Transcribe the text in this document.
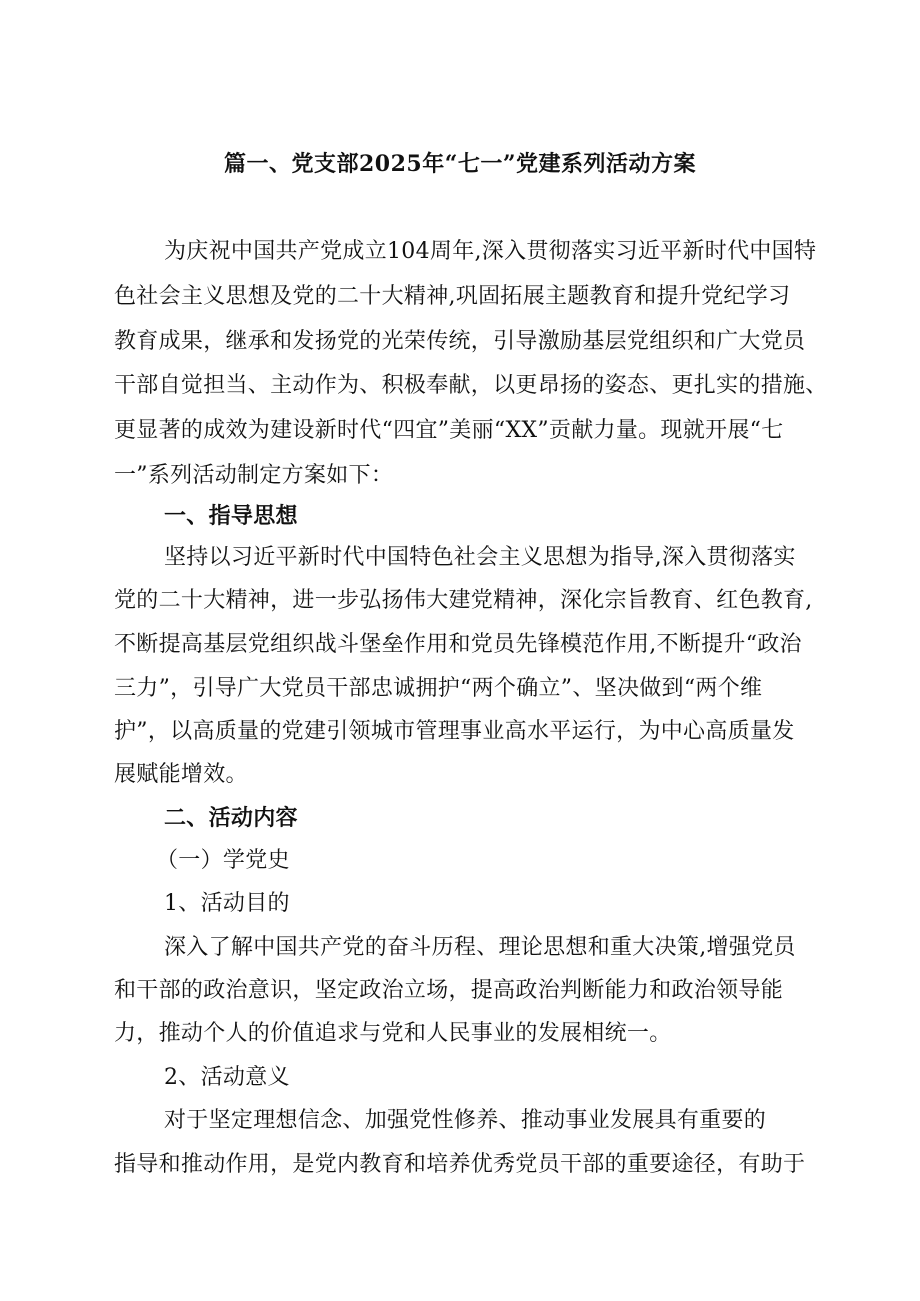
篇一、党支部2025年“七一”党建系列活动方案

为庆祝中国共产党成立104周年,深入贯彻落实习近平新时代中国特

色社会主义思想及党的二十大精神,巩固拓展主题教育和提升党纪学习

教育成果，继承和发扬党的光荣传统，引导激励基层党组织和广大党员

干部自觉担当、主动作为、积极奉献，以更昂扬的姿态、更扎实的措施、

更显著的成效为建设新时代“四宜”美丽“XX”贡献力量。现就开展“七

一”系列活动制定方案如下：

一、指导思想

坚持以习近平新时代中国特色社会主义思想为指导,深入贯彻落实

党的二十大精神，进一步弘扬伟大建党精神，深化宗旨教育、红色教育,

不断提高基层党组织战斗堡垒作用和党员先锋模范作用,不断提升“政治

三力”，引导广大党员干部忠诚拥护“两个确立”、坚决做到“两个维

护”，以高质量的党建引领城市管理事业高水平运行，为中心高质量发

展赋能增效。

二、活动内容

（一）学党史

1、活动目的

深入了解中国共产党的奋斗历程、理论思想和重大决策,增强党员

和干部的政治意识，坚定政治立场，提高政治判断能力和政治领导能

力，推动个人的价值追求与党和人民事业的发展相统一。

2、活动意义

对于坚定理想信念、加强党性修养、推动事业发展具有重要的

指导和推动作用，是党内教育和培养优秀党员干部的重要途径，有助于
